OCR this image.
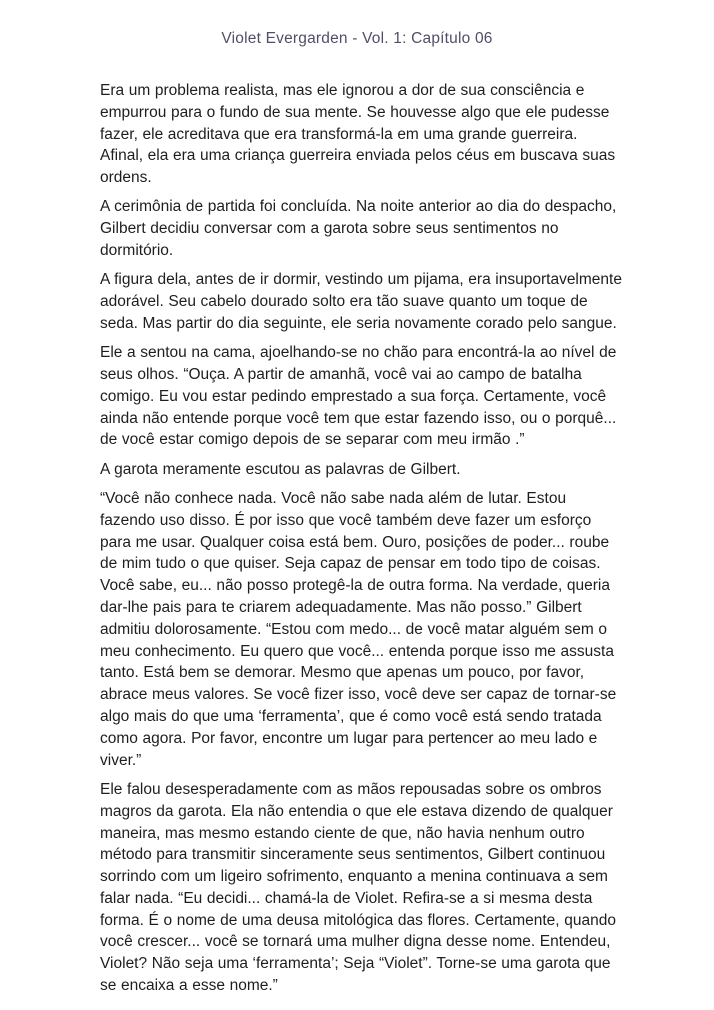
Violet Evergarden - Vol. 1: Capítulo 06

Era um problema realista, mas ele ignorou a dor de sua consciência e empurrou para o fundo de sua mente. Se houvesse algo que ele pudesse fazer, ele acreditava que era transformá-la em uma grande guerreira. Afinal, ela era uma criança guerreira enviada pelos céus em buscava suas ordens.

A cerimônia de partida foi concluída. Na noite anterior ao dia do despacho, Gilbert decidiu conversar com a garota sobre seus sentimentos no dormitório.

A figura dela, antes de ir dormir, vestindo um pijama, era insuportavelmente adorável. Seu cabelo dourado solto era tão suave quanto um toque de seda. Mas partir do dia seguinte, ele seria novamente corado pelo sangue.

Ele a sentou na cama, ajoelhando-se no chão para encontrá-la ao nível de seus olhos. “Ouça. A partir de amanhã, você vai ao campo de batalha comigo. Eu vou estar pedindo emprestado a sua força. Certamente, você ainda não entende porque você tem que estar fazendo isso, ou o porquê... de você estar comigo depois de se separar com meu irmão .”

A garota meramente escutou as palavras de Gilbert.

“Você não conhece nada. Você não sabe nada além de lutar. Estou fazendo uso disso. É por isso que você também deve fazer um esforço para me usar. Qualquer coisa está bem. Ouro, posições de poder... roube de mim tudo o que quiser. Seja capaz de pensar em todo tipo de coisas. Você sabe, eu... não posso protegê-la de outra forma. Na verdade, queria dar-lhe pais para te criarem adequadamente. Mas não posso.” Gilbert admitiu dolorosamente. “Estou com medo... de você matar alguém sem o meu conhecimento. Eu quero que você... entenda porque isso me assusta tanto. Está bem se demorar. Mesmo que apenas um pouco, por favor, abrace meus valores. Se você fizer isso, você deve ser capaz de tornar-se algo mais do que uma ‘ferramenta’, que é como você está sendo tratada como agora. Por favor, encontre um lugar para pertencer ao meu lado e viver.”

Ele falou desesperadamente com as mãos repousadas sobre os ombros magros da garota. Ela não entendia o que ele estava dizendo de qualquer maneira, mas mesmo estando ciente de que, não havia nenhum outro método para transmitir sinceramente seus sentimentos, Gilbert continuou sorrindo com um ligeiro sofrimento, enquanto a menina continuava a sem falar nada. “Eu decidi... chamá-la de Violet. Refira-se a si mesma desta forma. É o nome de uma deusa mitológica das flores. Certamente, quando você crescer... você se tornará uma mulher digna desse nome. Entendeu, Violet? Não seja uma ‘ferramenta’; Seja “Violet”. Torne-se uma garota que se encaixa a esse nome.”
